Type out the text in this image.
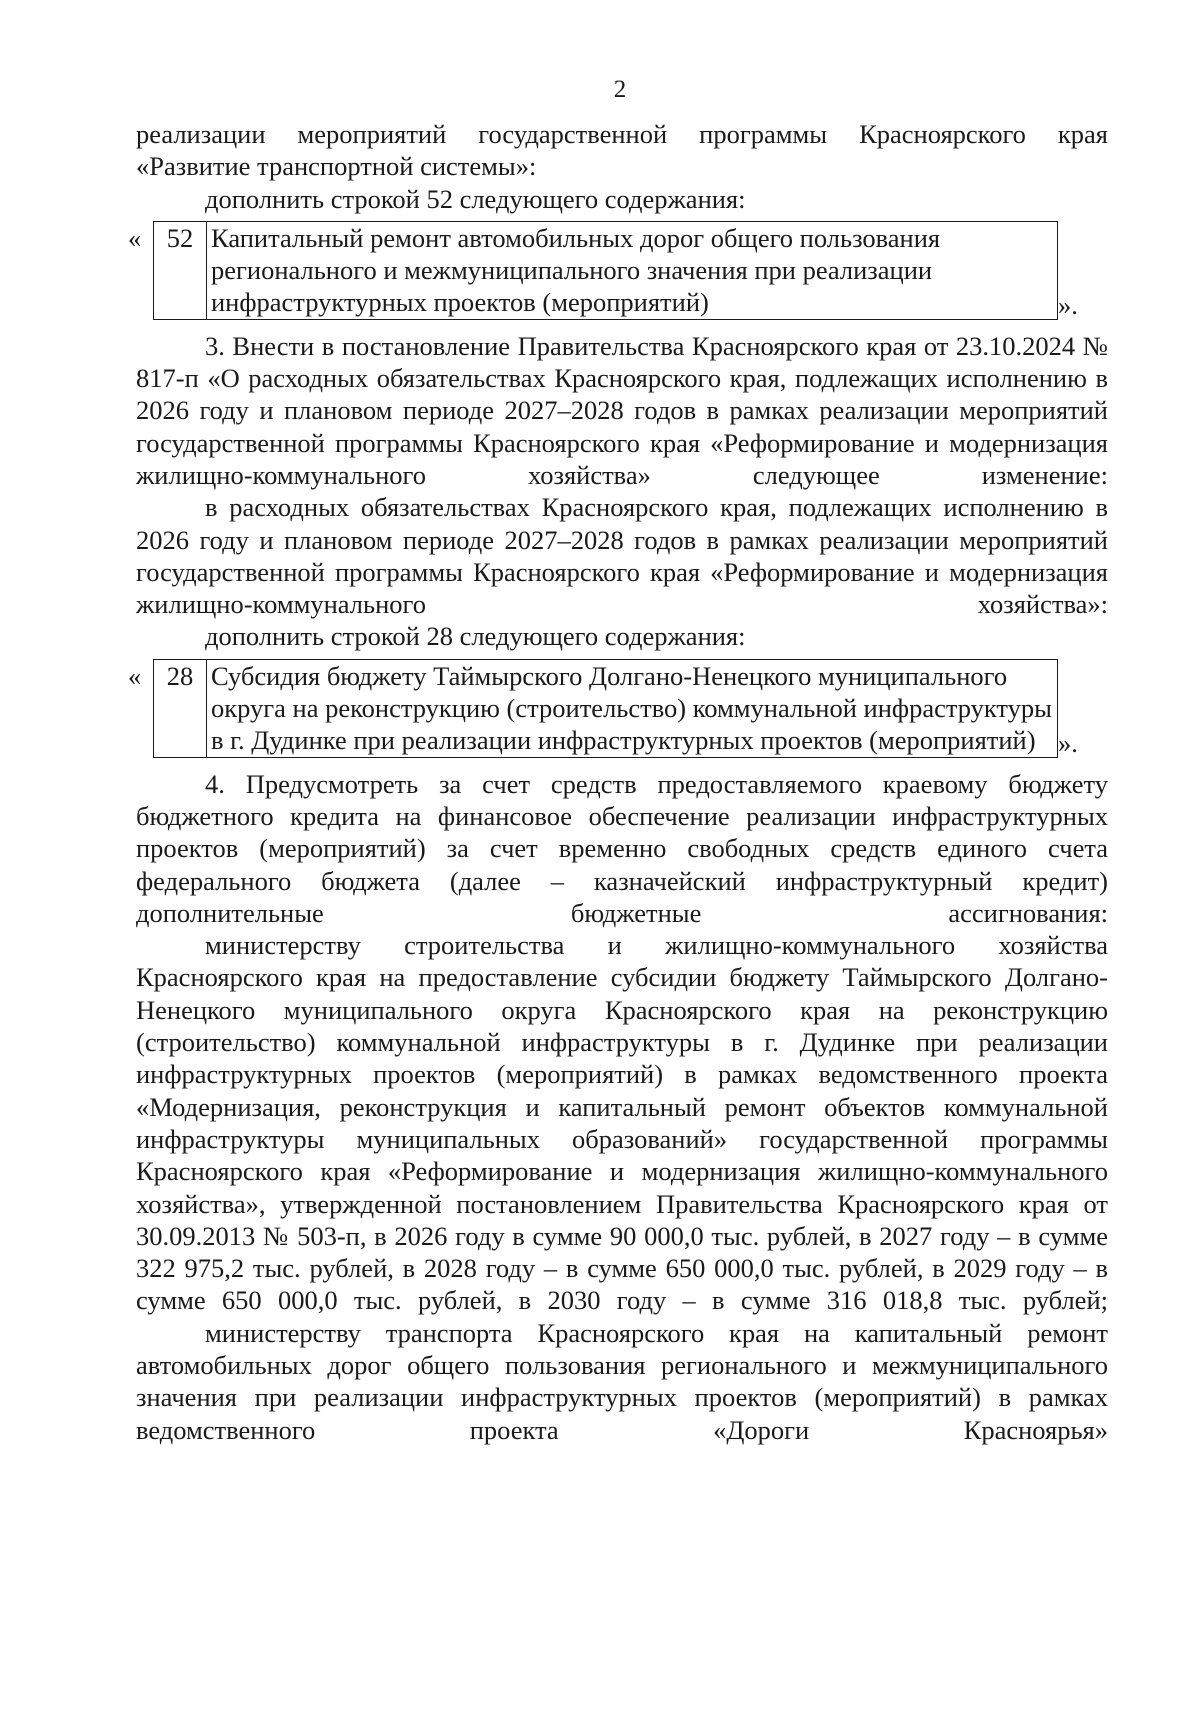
2

реализации мероприятий государственной программы Красноярского края

«Развитие транспортной системы»:

дополнить строкой 52 следующего содержания:

« 52	Капитальный ремонт автомобильных дорог общего пользования регионального и межмуниципального значения при реализации инфраструктурных проектов (мероприятий)	».

3. Внести в постановление Правительства Красноярского края от 23.10.2024 № 817-п «О расходных обязательствах Красноярского края, подлежащих исполнению в 2026 году и плановом периоде 2027–2028 годов в рамках реализации мероприятий государственной программы Красноярского края «Реформирование и модернизация жилищно-коммунального хозяйства» следующее изменение:

в расходных обязательствах Красноярского края, подлежащих исполнению в 2026 году и плановом периоде 2027–2028 годов в рамках реализации мероприятий государственной программы Красноярского края «Реформирование и модернизация жилищно-коммунального хозяйства»:

дополнить строкой 28 следующего содержания:

« 28	Субсидия бюджету Таймырского Долгано-Ненецкого муниципального округа на реконструкцию (строительство) коммунальной инфраструктуры в г. Дудинке при реализации инфраструктурных проектов (мероприятий) ».

4. Предусмотреть за счет средств предоставляемого краевому бюджету бюджетного кредита на финансовое обеспечение реализации инфраструктурных проектов (мероприятий) за счет временно свободных средств единого счета федерального бюджета (далее – казначейский инфраструктурный кредит) дополнительные бюджетные ассигнования:

министерству строительства и жилищно-коммунального хозяйства Красноярского края на предоставление субсидии бюджету Таймырского Долгано-Ненецкого муниципального округа Красноярского края на реконструкцию (строительство) коммунальной инфраструктуры в г. Дудинке при реализации инфраструктурных проектов (мероприятий) в рамках ведомственного проекта «Модернизация, реконструкция и капитальный ремонт объектов коммунальной инфраструктуры муниципальных образований» государственной программы Красноярского края «Реформирование и модернизация жилищно-коммунального хозяйства», утвержденной постановлением Правительства Красноярского края от 30.09.2013 № 503-п, в 2026 году в сумме 90 000,0 тыс. рублей, в 2027 году – в сумме 322 975,2 тыс. рублей, в 2028 году – в сумме 650 000,0 тыс. рублей, в 2029 году – в сумме 650 000,0 тыс. рублей, в 2030 году – в сумме 316 018,8 тыс. рублей;

министерству транспорта Красноярского края на капитальный ремонт автомобильных дорог общего пользования регионального и межмуниципального значения при реализации инфраструктурных проектов (мероприятий) в рамках ведомственного проекта «Дороги Красноярья»
